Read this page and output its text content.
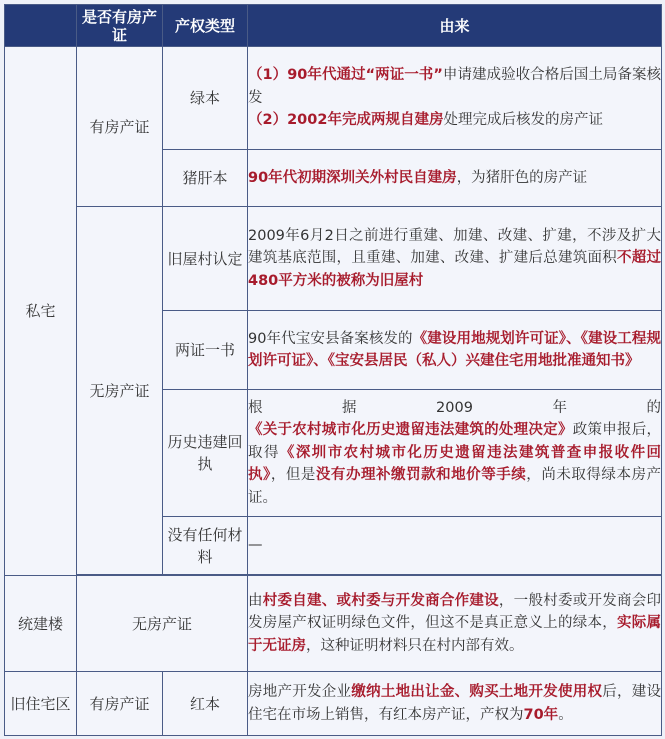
	是否有房产证	产权类型	由来
私宅	有房产证	绿本	（1）90年代通过“两证一书”申请建成验收合格后国土局备案核发
（2）2002年完成两规自建房处理完成后核发的房产证
		猪肝本	90年代初期深圳关外村民自建房，为猪肝色的房产证
	无房产证	旧屋村认定	2009年6月2日之前进行重建、加建、改建、扩建，不涉及扩大建筑基底范围，且重建、加建、改建、扩建后总建筑面积不超过480平方米的被称为旧屋村
		两证一书	90年代宝安县备案核发的《建设用地规划许可证》、《建设工程规划许可证》、《宝安县居民（私人）兴建住宅用地批准通知书》
		历史违建回执	根据2009年的《关于农村城市化历史遗留违法建筑的处理决定》政策申报后，取得《深圳市农村城市化历史遗留违法建筑普查申报收件回执》，但是没有办理补缴罚款和地价等手续，尚未取得绿本房产证。
		没有任何材料	—

统建楼	无房产证		由村委自建、或村委与开发商合作建设，一般村委或开发商会印发房屋产权证明绿色文件，但这不是真正意义上的绿本，实际属于无证房，这种证明材料只在村内部有效。
旧住宅区	有房产证	红本	房地产开发企业缴纳土地出让金、购买土地开发使用权后，建设住宅在市场上销售，有红本房产证，产权为70年。
